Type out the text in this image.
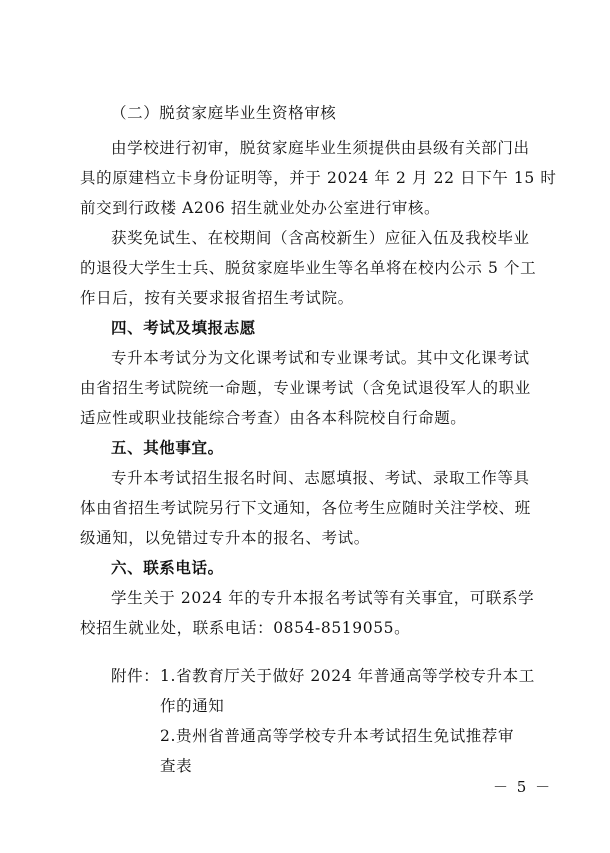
（二）脱贫家庭毕业生资格审核
由学校进行初审，脱贫家庭毕业生须提供由县级有关部门出
具的原建档立卡身份证明等，并于 2024 年 2 月 22 日下午 15 时
前交到行政楼 A206 招生就业处办公室进行审核。
获奖免试生、在校期间（含高校新生）应征入伍及我校毕业
的退役大学生士兵、脱贫家庭毕业生等名单将在校内公示 5 个工
作日后，按有关要求报省招生考试院。
四、考试及填报志愿
专升本考试分为文化课考试和专业课考试。其中文化课考试
由省招生考试院统一命题，专业课考试（含免试退役军人的职业
适应性或职业技能综合考查）由各本科院校自行命题。
五、其他事宜。
专升本考试招生报名时间、志愿填报、考试、录取工作等具
体由省招生考试院另行下文通知，各位考生应随时关注学校、班
级通知，以免错过专升本的报名、考试。
六、联系电话。
学生关于 2024 年的专升本报名考试等有关事宜，可联系学
校招生就业处，联系电话：0854-8519055。
附件： 1.省教育厅关于做好 2024 年普通高等学校专升本工
作的通知
2.贵州省普通高等学校专升本考试招生免试推荐审
查表
－ 5 －
